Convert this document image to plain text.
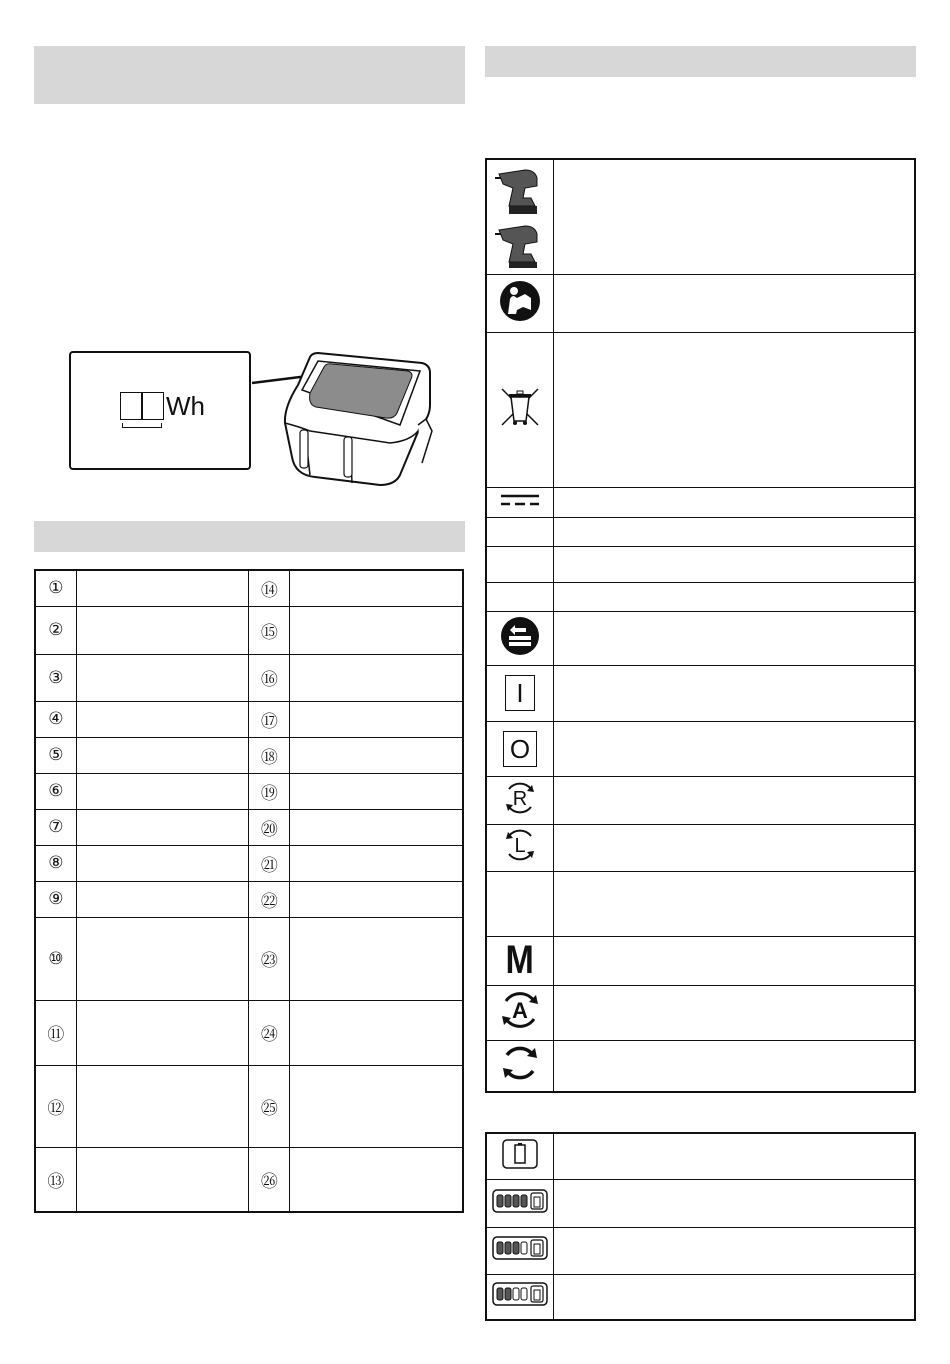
Wh
①		⑭	
②		⑮	
③		⑯	
④		⑰	
⑤		⑱	
⑥		⑲	
⑦		⑳	
⑧		㉑	
⑨		㉒	
⑩		㉓	
⑪		㉔	
⑫		㉕	
⑬		㉖	

I	
O	

R	

L	

M	

A	
